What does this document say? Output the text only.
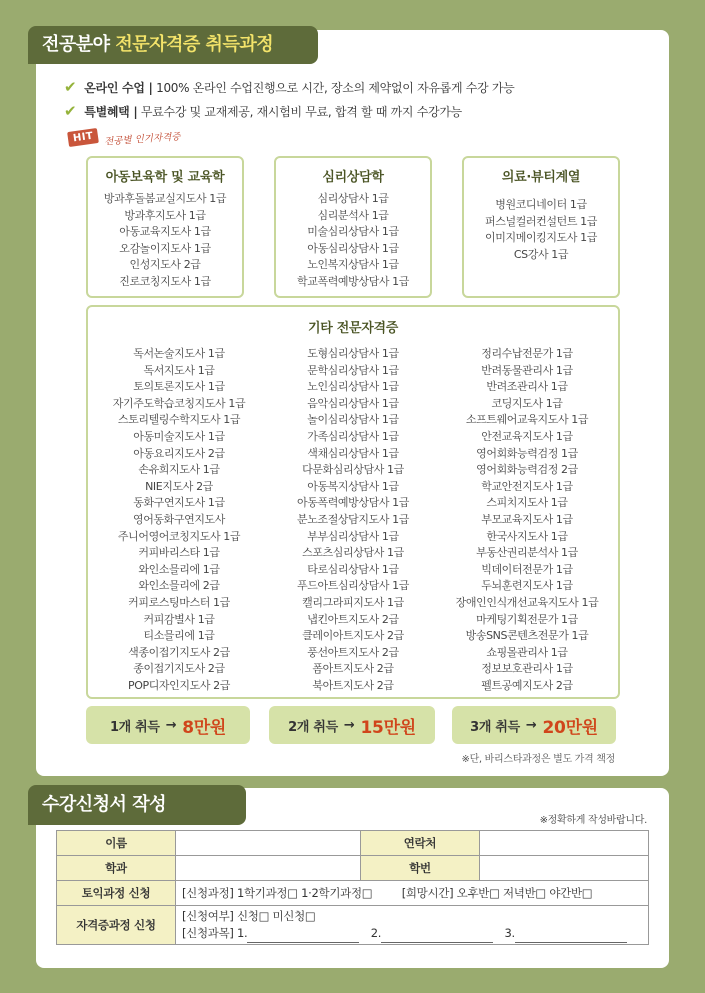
전공분야 전문자격증 취득과정
✔ 온라인 수업 | 100% 온라인 수업진행으로 시간, 장소의 제약없이 자유롭게 수강 가능
✔ 특별혜택 | 무료수강 및 교재제공, 재시험비 무료, 합격 할 때 까지 수강가능
HIT	전공별 인기자격증
아동보육학 및 교육학
방과후돌봄교실지도사 1급
방과후지도사 1급
아동교육지도사 1급
오감놀이지도사 1급
인성지도사 2급
진로코칭지도사 1급
심리상담학
심리상담사 1급
심리분석사 1급
미술심리상담사 1급
아동심리상담사 1급
노인복지상담사 1급
학교폭력예방상담사 1급
의료·뷰티계열
병원코디네이터 1급
퍼스널컬러컨설턴트 1급
이미지메이킹지도사 1급
CS강사 1급
기타 전문자격증
독서논술지도사 1급
독서지도사 1급
토의토론지도사 1급
자기주도학습코칭지도사 1급
스토리텔링수학지도사 1급
아동미술지도사 1급
아동요리지도사 2급
손유희지도사 1급
NIE지도사 2급
동화구연지도사 1급
영어동화구연지도사
주니어영어코칭지도사 1급
커피바리스타 1급
와인소믈리에 1급
와인소믈리에 2급
커피로스팅마스터 1급
커피감별사 1급
티소믈리에 1급
색종이접기지도사 2급
종이접기지도사 2급
POP디자인지도사 2급
도형심리상담사 1급
문학심리상담사 1급
노인심리상담사 1급
음악심리상담사 1급
놀이심리상담사 1급
가족심리상담사 1급
색채심리상담사 1급
다문화심리상담사 1급
아동복지상담사 1급
아동폭력예방상담사 1급
분노조절상담지도사 1급
부부심리상담사 1급
스포츠심리상담사 1급
타로심리상담사 1급
푸드아트심리상담사 1급
캘리그라피지도사 1급
냅킨아트지도사 2급
클레이아트지도사 2급
풍선아트지도사 2급
폼아트지도사 2급
북아트지도사 2급
정리수납전문가 1급
반려동물관리사 1급
반려조관리사 1급
코딩지도사 1급
소프트웨어교육지도사 1급
안전교육지도사 1급
영어회화능력검정 1급
영어회화능력검정 2급
학교안전지도사 1급
스피치지도사 1급
부모교육지도사 1급
한국사지도사 1급
부동산권리분석사 1급
빅데이터전문가 1급
두뇌훈련지도사 1급
장애인인식개선교육지도사 1급
마케팅기획전문가 1급
방송SNS콘텐츠전문가 1급
쇼핑몰관리사 1급
정보보호관리사 1급
펠트공예지도사 2급
1개 취득 → 8만원	2개 취득 → 15만원	3개 취득 → 20만원
※단, 바리스타과정은 별도 가격 책정
수강신청서 작성
※정확하게 작성바랍니다.
이름		연락처	
학과		학번	
토익과정 신청	[신청과정] 1학기과정□ 1·2학기과정□ [희망시간] 오후반□ 저녁반□ 야간반□		
자격증과정 신청	[신청여부] 신청□ 미신청□
[신청과목] 1. 2. 3.		
